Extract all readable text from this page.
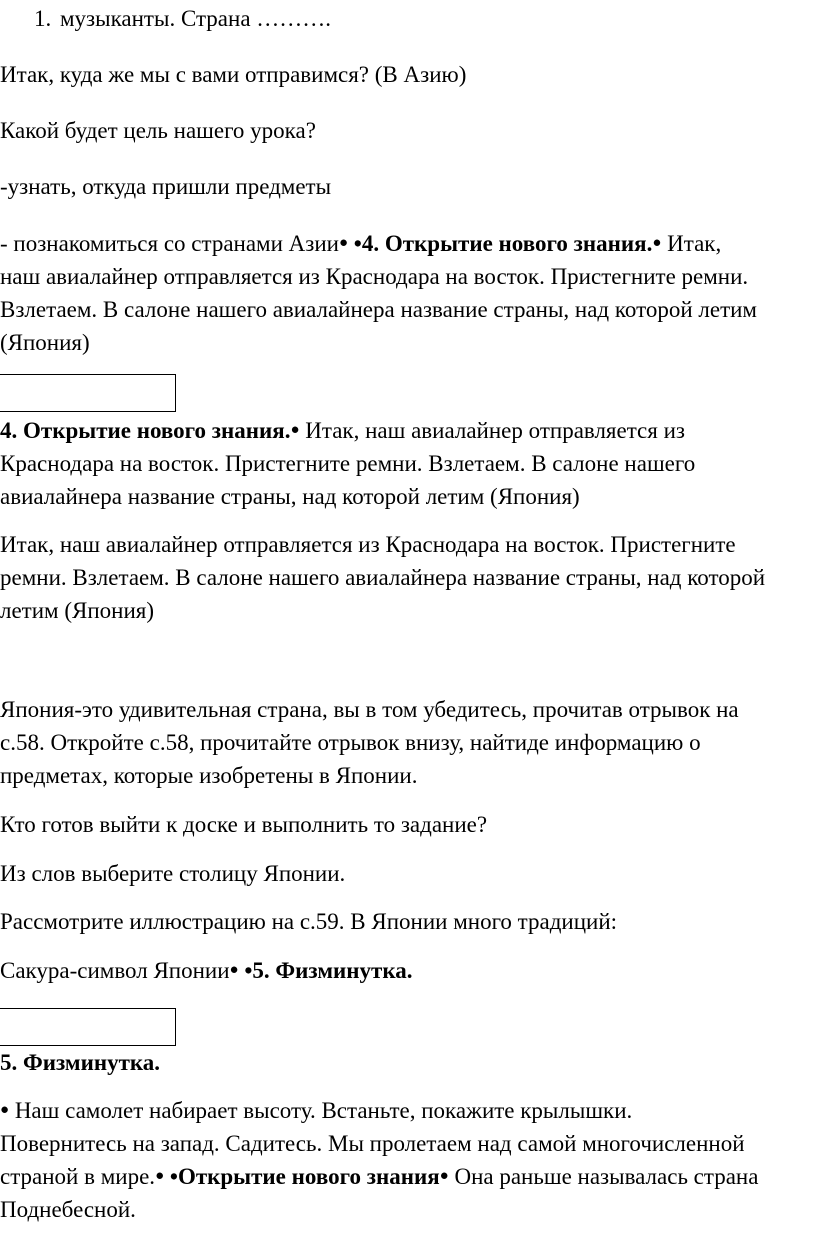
1. музыканты. Страна ……….
Итак, куда же мы с вами отправимся? (В Азию)
Какой будет цель нашего урока?
-узнать, откуда пришли предметы
- познакомиться со странами Азии● •4. Открытие нового знания.● Итак,
наш авиалайнер отправляется из Краснодара на восток. Пристегните ремни.
Взлетаем. В салоне нашего авиалайнера название страны, над которой летим
(Япония)
4. Открытие нового знания.● Итак, наш авиалайнер отправляется из
Краснодара на восток. Пристегните ремни. Взлетаем. В салоне нашего
авиалайнера название страны, над которой летим (Япония)
Итак, наш авиалайнер отправляется из Краснодара на восток. Пристегните
ремни. Взлетаем. В салоне нашего авиалайнера название страны, над которой
летим (Япония)
Япония-это удивительная страна, вы в том убедитесь, прочитав отрывок на
с.58. Откройте с.58, прочитайте отрывок внизу, найтиде информацию о
предметах, которые изобретены в Японии.
Кто готов выйти к доске и выполнить то задание?
Из слов выберите столицу Японии.
Рассмотрите иллюстрацию на с.59. В Японии много традиций:
Сакура-символ Японии● •5. Физминутка.
5. Физминутка.
● Наш самолет набирает высоту. Встаньте, покажите крылышки.
Повернитесь на запад. Садитесь. Мы пролетаем над самой многочисленной
страной в мире.● •Открытие нового знания● Она раньше называлась страна
Поднебесной.
